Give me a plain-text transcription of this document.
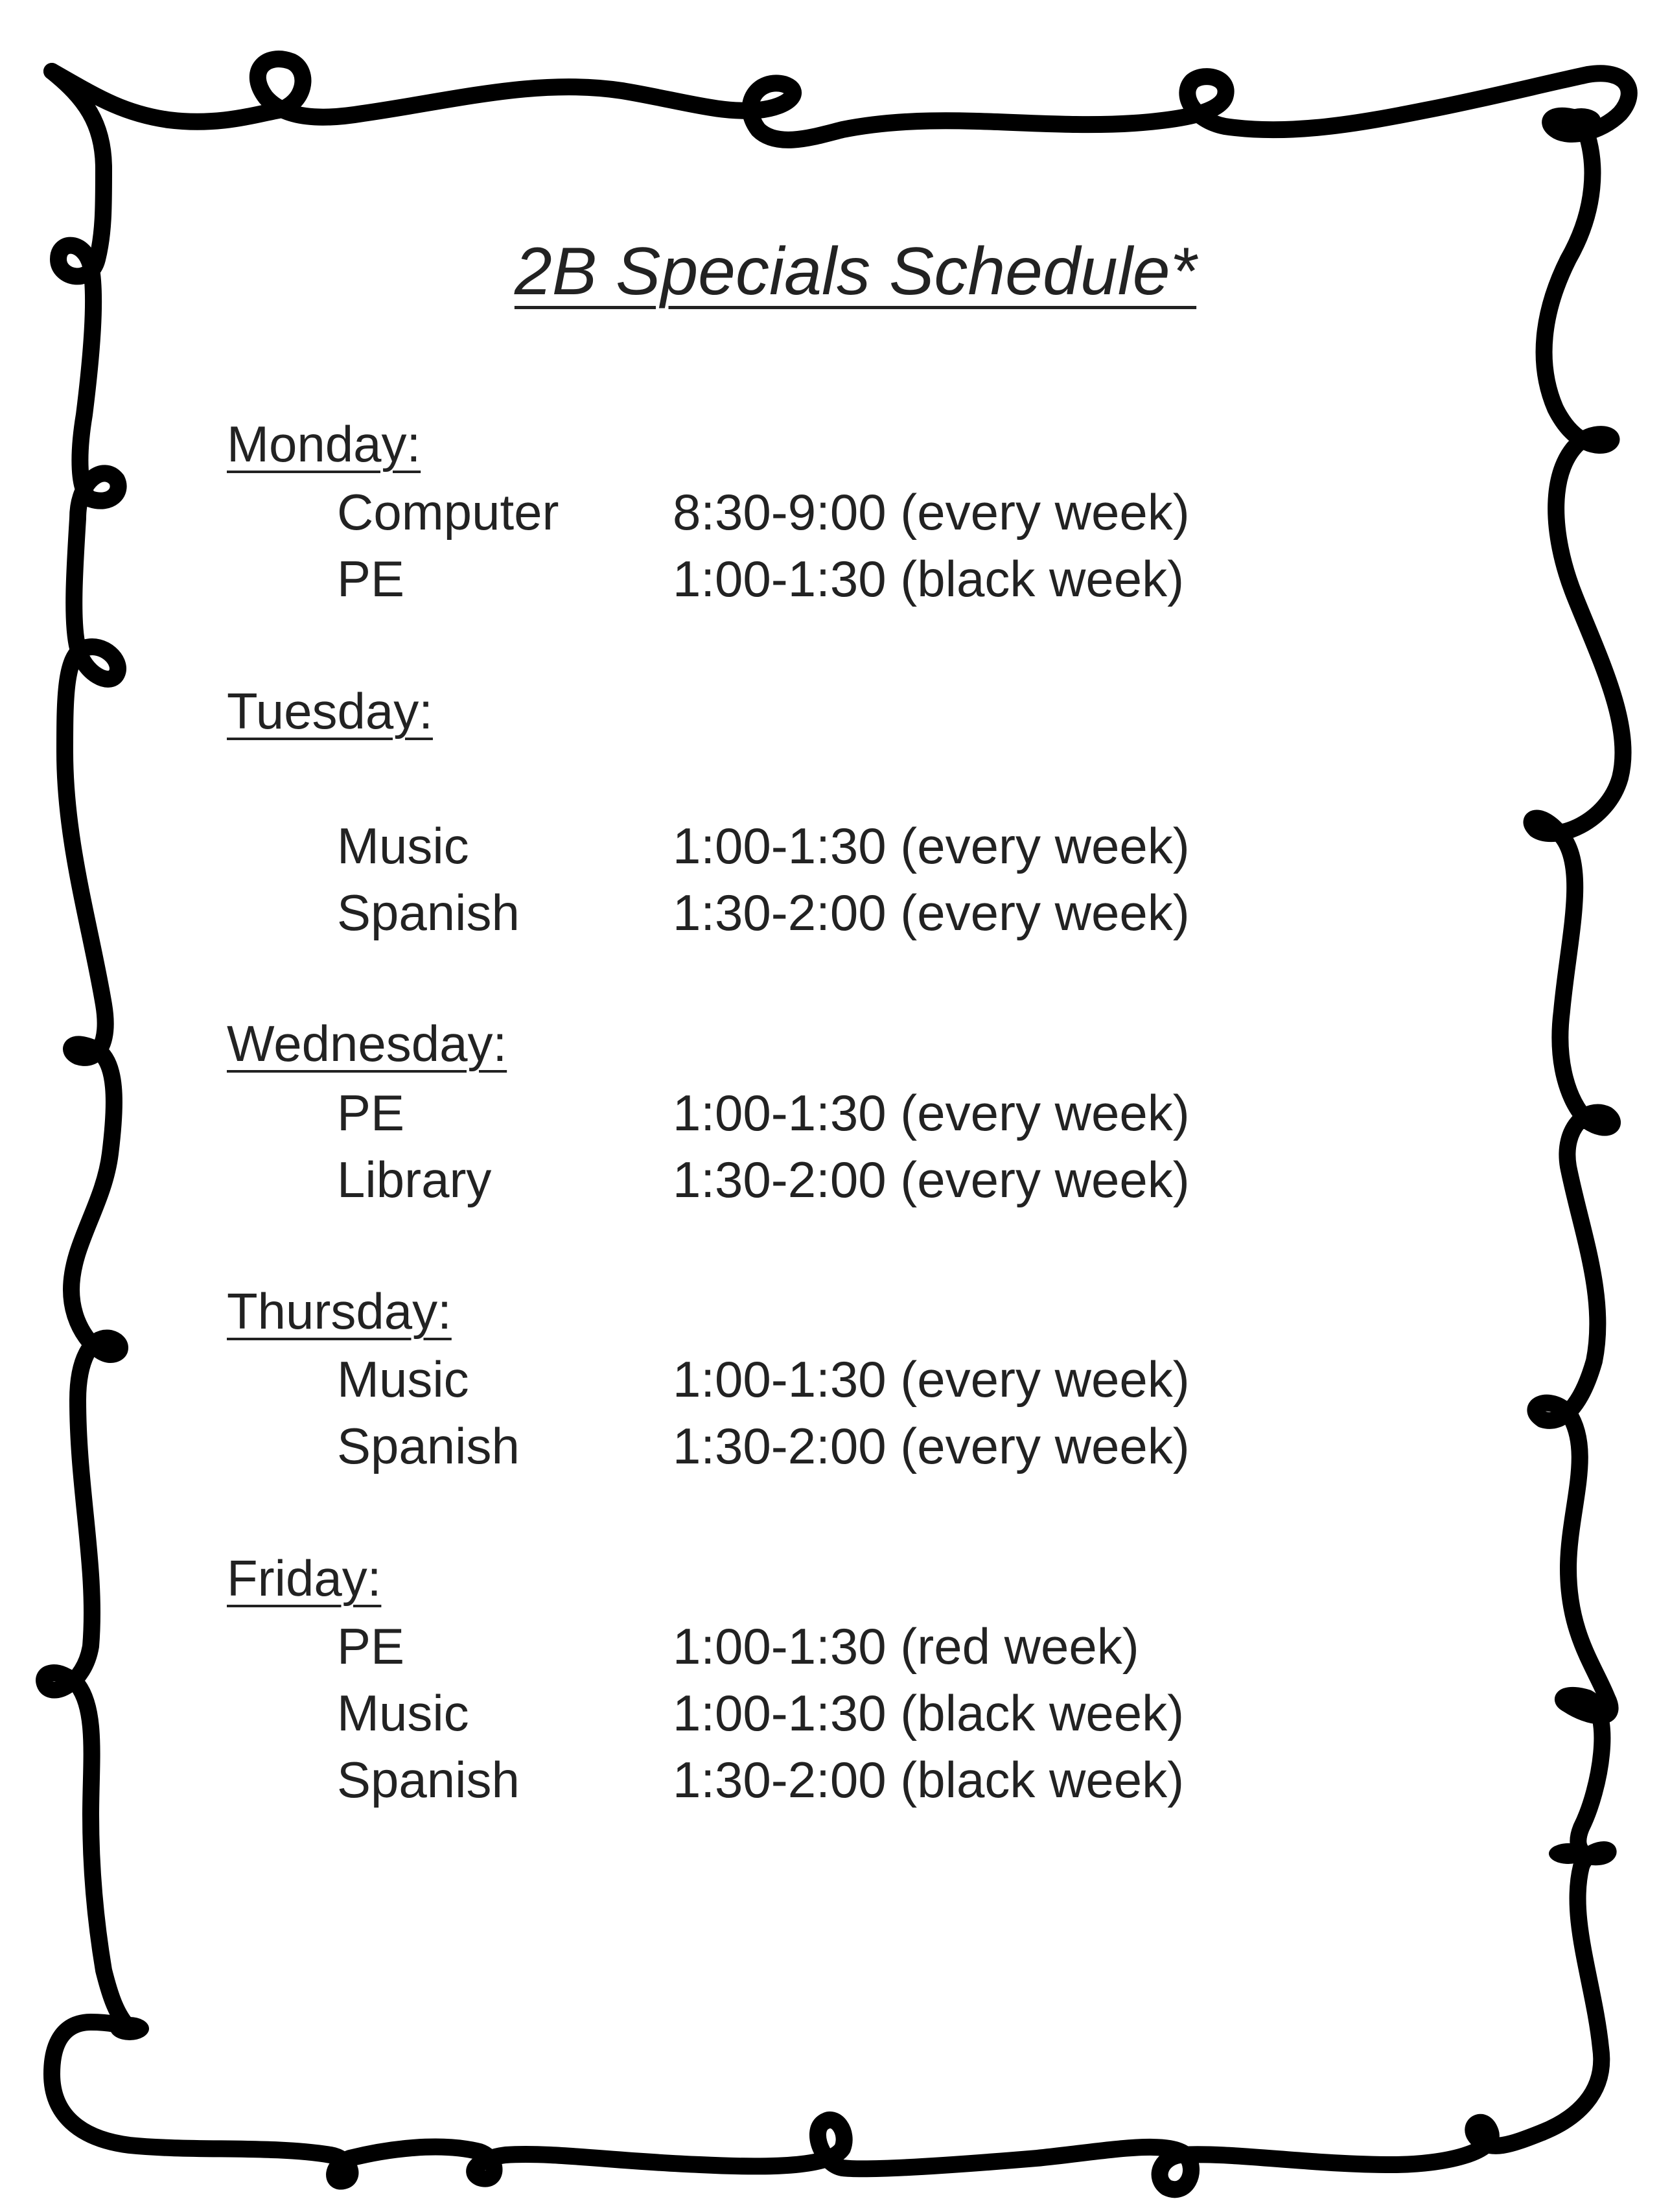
2B Specials Schedule*
Monday:

Computer 8:30-9:00 (every week)

PE	1:00-1:30 (black week)

Tuesday:

Music	1:00-1:30 (every week)

Spanish	1:30-2:00 (every week)

Wednesday:

PE	1:00-1:30 (every week)

Library	1:30-2:00 (every week)

Thursday:

Music	1:00-1:30 (every week)

Spanish	1:30-2:00 (every week)

Friday:

PE	1:00-1:30 (red week)

Music	1:00-1:30 (black week)

Spanish	1:30-2:00 (black week)
